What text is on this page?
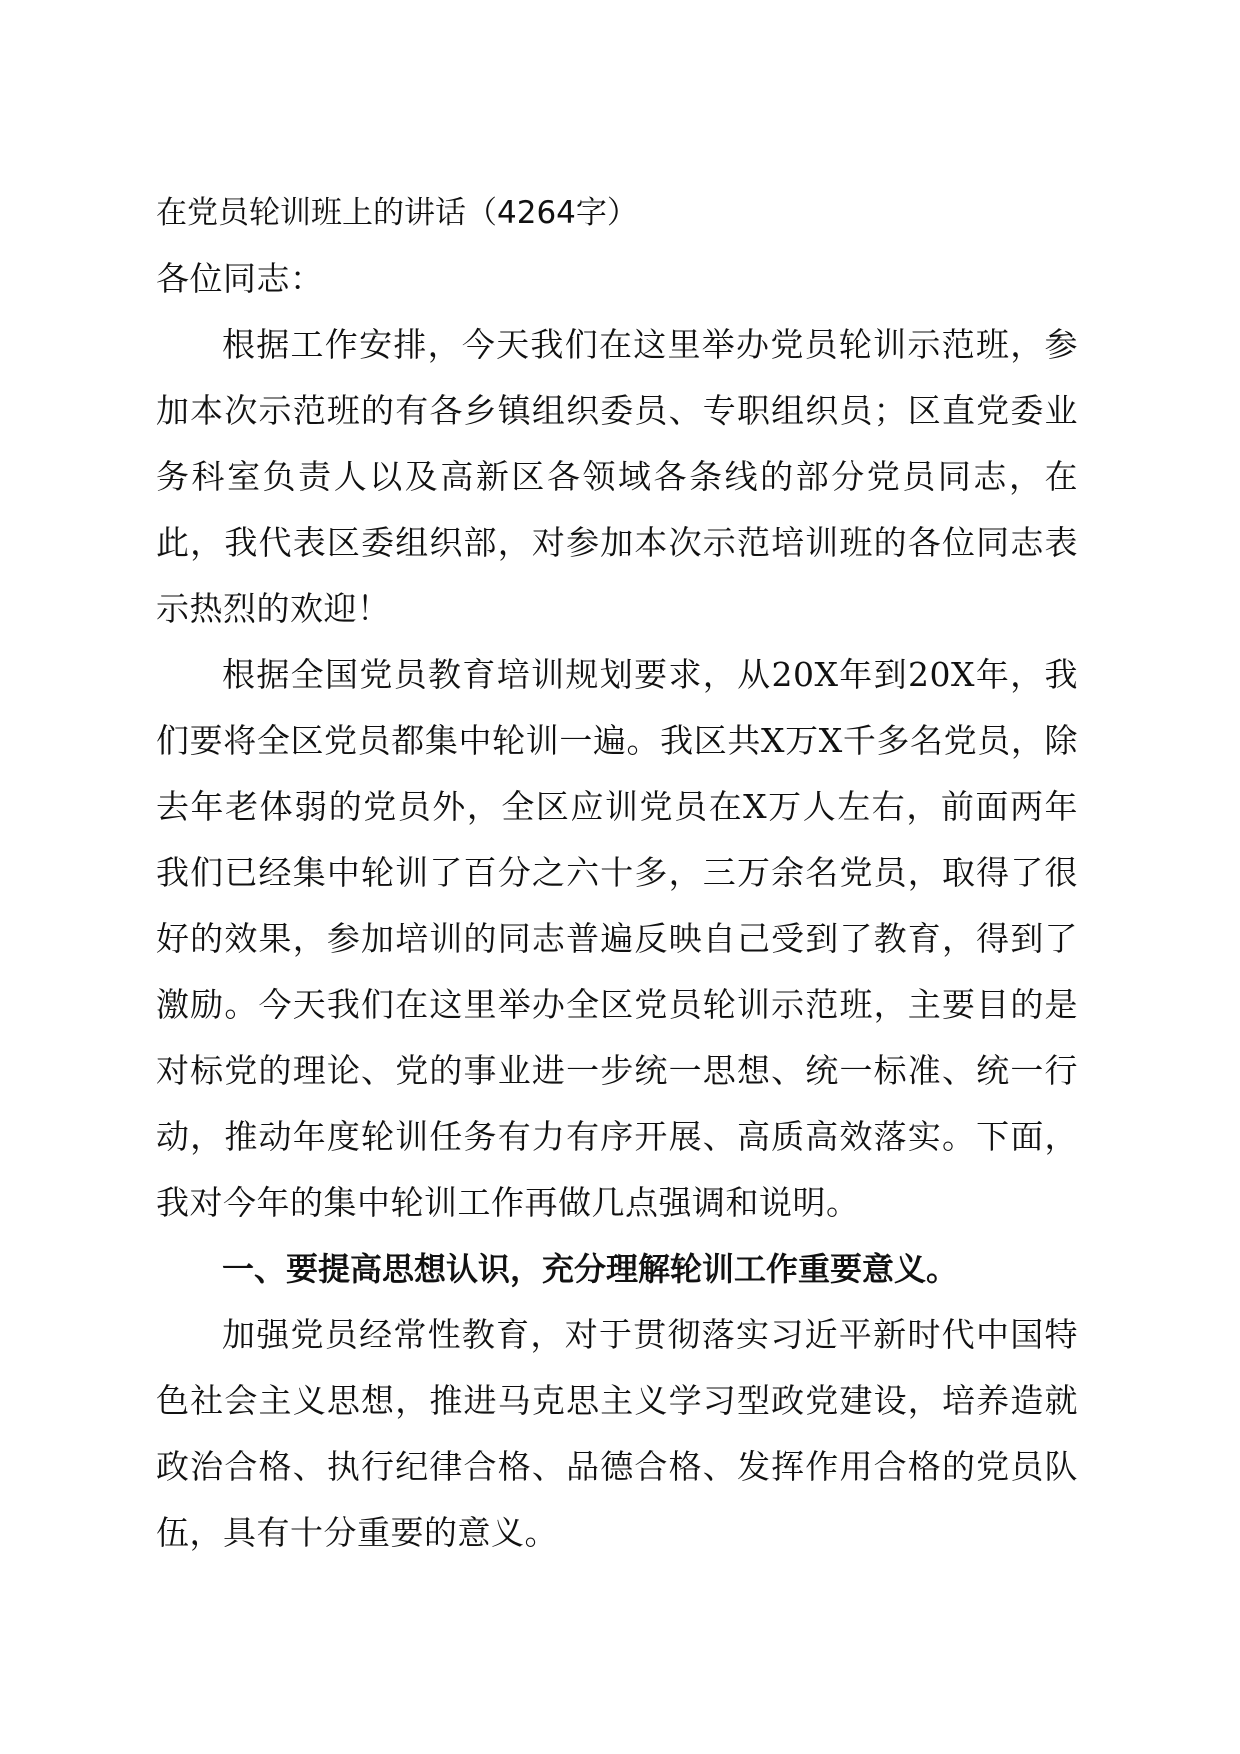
在党员轮训班上的讲话（4264字）

各位同志：

根据工作安排，今天我们在这里举办党员轮训示范班，参加本次示范班的有各乡镇组织委员、专职组织员；区直党委业务科室负责人以及高新区各领域各条线的部分党员同志，在此，我代表区委组织部，对参加本次示范培训班的各位同志表示热烈的欢迎！

根据全国党员教育培训规划要求，从20X年到20X年，我们要将全区党员都集中轮训一遍。我区共X万X千多名党员，除去年老体弱的党员外，全区应训党员在X万人左右，前面两年我们已经集中轮训了百分之六十多，三万余名党员，取得了很好的效果，参加培训的同志普遍反映自己受到了教育，得到了激励。今天我们在这里举办全区党员轮训示范班，主要目的是对标党的理论、党的事业进一步统一思想、统一标准、统一行动，推动年度轮训任务有力有序开展、高质高效落实。下面，我对今年的集中轮训工作再做几点强调和说明。

一、要提高思想认识，充分理解轮训工作重要意义。

加强党员经常性教育，对于贯彻落实习近平新时代中国特色社会主义思想，推进马克思主义学习型政党建设，培养造就政治合格、执行纪律合格、品德合格、发挥作用合格的党员队伍，具有十分重要的意义。
